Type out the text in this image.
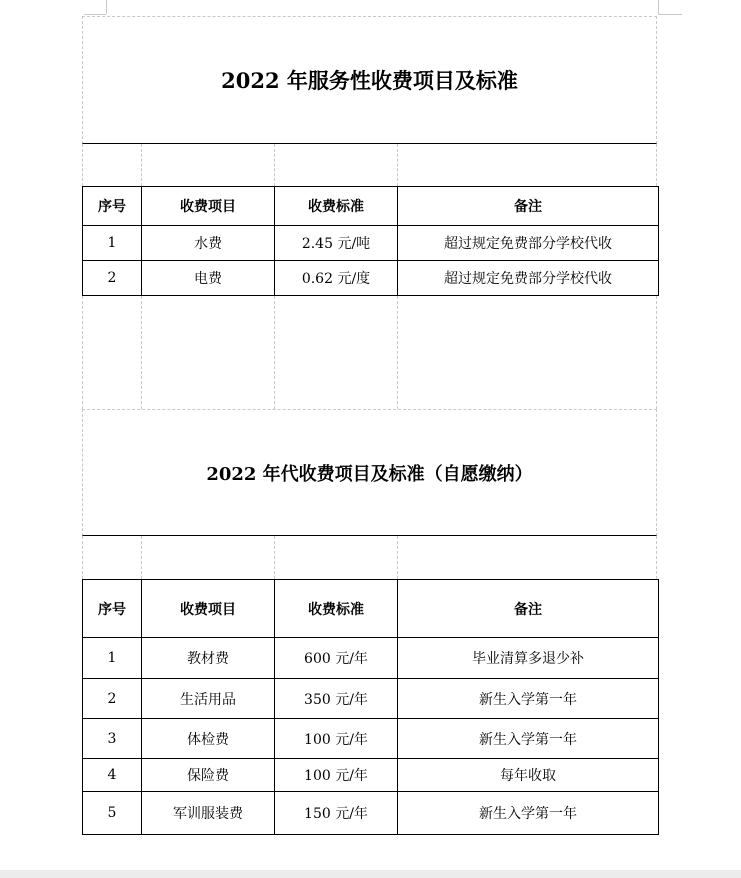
2022 年服务性收费项目及标准
序号	收费项目	收费标准	备注
1	水费	2.45 元/吨	超过规定免费部分学校代收
2	电费	0.62 元/度	超过规定免费部分学校代收
2022 年代收费项目及标准（自愿缴纳）
序号	收费项目	收费标准	备注
1	教材费	600 元/年	毕业清算多退少补
2	生活用品	350 元/年	新生入学第一年
3	体检费	100 元/年	新生入学第一年
4	保险费	100 元/年	每年收取
5	军训服装费	150 元/年	新生入学第一年
